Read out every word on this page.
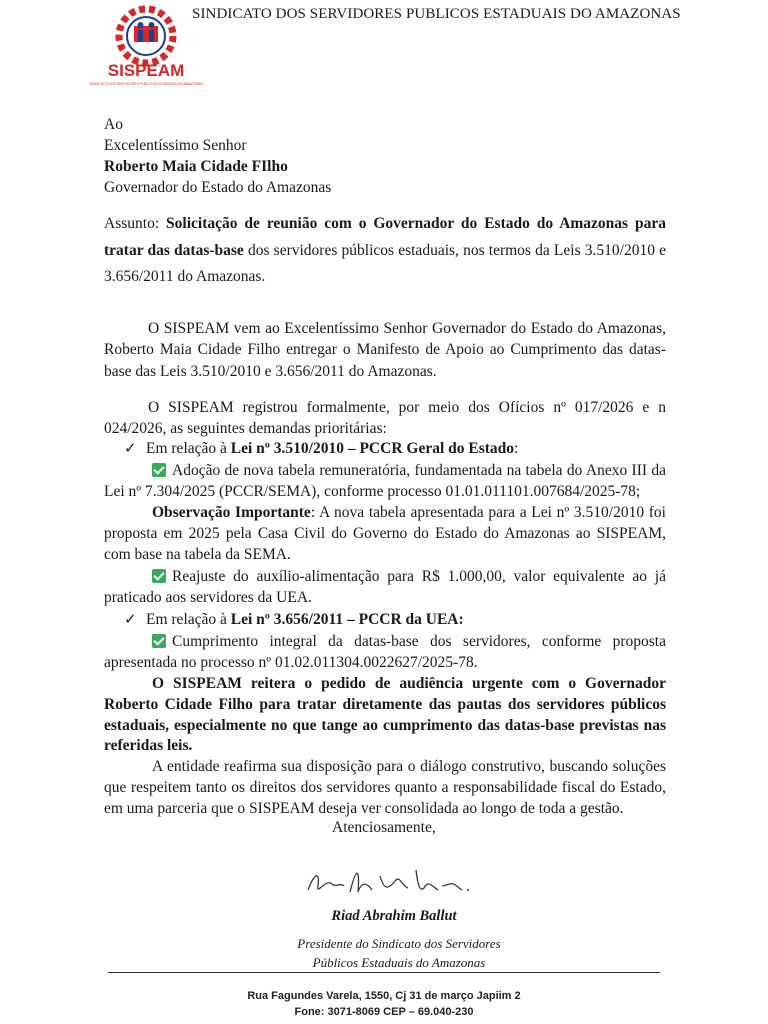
SISPEAM
SINDICATO DOS SERVIDORES PÚBLICOS ESTADUAIS DO AMAZONAS
SINDICATO DOS SERVIDORES PUBLICOS ESTADUAIS DO AMAZONAS
Ao
Excelentíssimo Senhor
Roberto Maia Cidade FIlho
Governador do Estado do Amazonas
Assunto: Solicitação de reunião com o Governador do Estado do Amazonas para tratar das datas-base dos servidores públicos estaduais, nos termos da Leis 3.510/2010 e 3.656/2011 do Amazonas.
O SISPEAM vem ao Excelentíssimo Senhor Governador do Estado do Amazonas, Roberto Maia Cidade Filho entregar o Manifesto de Apoio ao Cumprimento das datas-base das Leis 3.510/2010 e 3.656/2011 do Amazonas.
O SISPEAM registrou formalmente, por meio dos Ofícios nº 017/2026 e n 024/2026, as seguintes demandas prioritárias:
✓ Em relação à Lei nº 3.510/2010 – PCCR Geral do Estado:
Adoção de nova tabela remuneratória, fundamentada na tabela do Anexo III da Lei nº 7.304/2025 (PCCR/SEMA), conforme processo 01.01.011101.007684/2025-78;
Observação Importante: A nova tabela apresentada para a Lei nº 3.510/2010 foi proposta em 2025 pela Casa Civil do Governo do Estado do Amazonas ao SISPEAM, com base na tabela da SEMA.
Reajuste do auxílio-alimentação para R$ 1.000,00, valor equivalente ao já praticado aos servidores da UEA.
✓ Em relação à Lei nº 3.656/2011 – PCCR da UEA:
Cumprimento integral da datas-base dos servidores, conforme proposta apresentada no processo nº 01.02.011304.0022627/2025-78.
O SISPEAM reitera o pedido de audiência urgente com o Governador Roberto Cidade Filho para tratar diretamente das pautas dos servidores públicos estaduais, especialmente no que tange ao cumprimento das datas-base previstas nas referidas leis.
A entidade reafirma sua disposição para o diálogo construtivo, buscando soluções que respeitem tanto os direitos dos servidores quanto a responsabilidade fiscal do Estado, em uma parceria que o SISPEAM deseja ver consolidada ao longo de toda a gestão.
Atenciosamente,
Riad Abrahim Ballut
Presidente do Sindicato dos Servidores
Públicos Estaduais do Amazonas
Rua Fagundes Varela, 1550, Cj 31 de março Japiim 2
Fone: 3071-8069 CEP – 69.040-230
